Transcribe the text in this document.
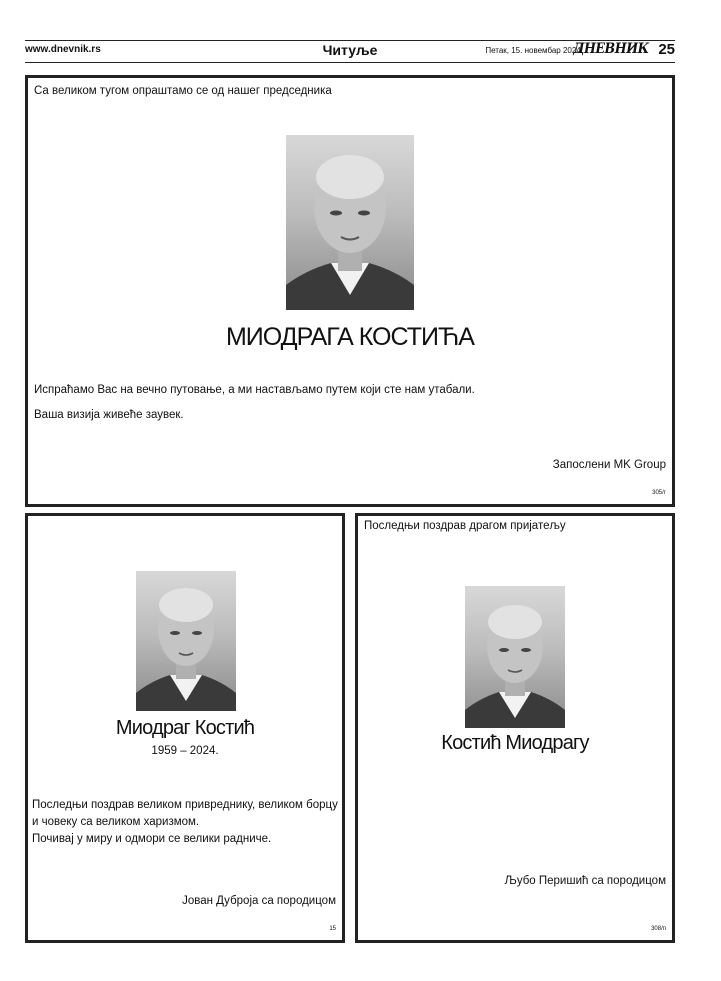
www.dnevnik.rs	Читуље	Петак, 15. новембар 2024.
ДНЕВНИК 25
Са великом тугом опраштамо се од нашег председника
МИОДРАГА КОСТИЋА
Испраћамо Вас на вечно путовање, а ми настављамо путем који сте нам утабали.
Ваша визија живеће заувек.
Запослени MK Group
305/г
Миодраг Костић
1959 – 2024.
Последњи поздрав великом привреднику, великом борцу
и човеку са великом харизмом.
Почивај у миру и одмори се велики радниче.
Јован Дуброја са породицом
15
Последњи поздрав драгом пријатељу
Костић Миодрагу
Љубо Перишић са породицом
308/п
